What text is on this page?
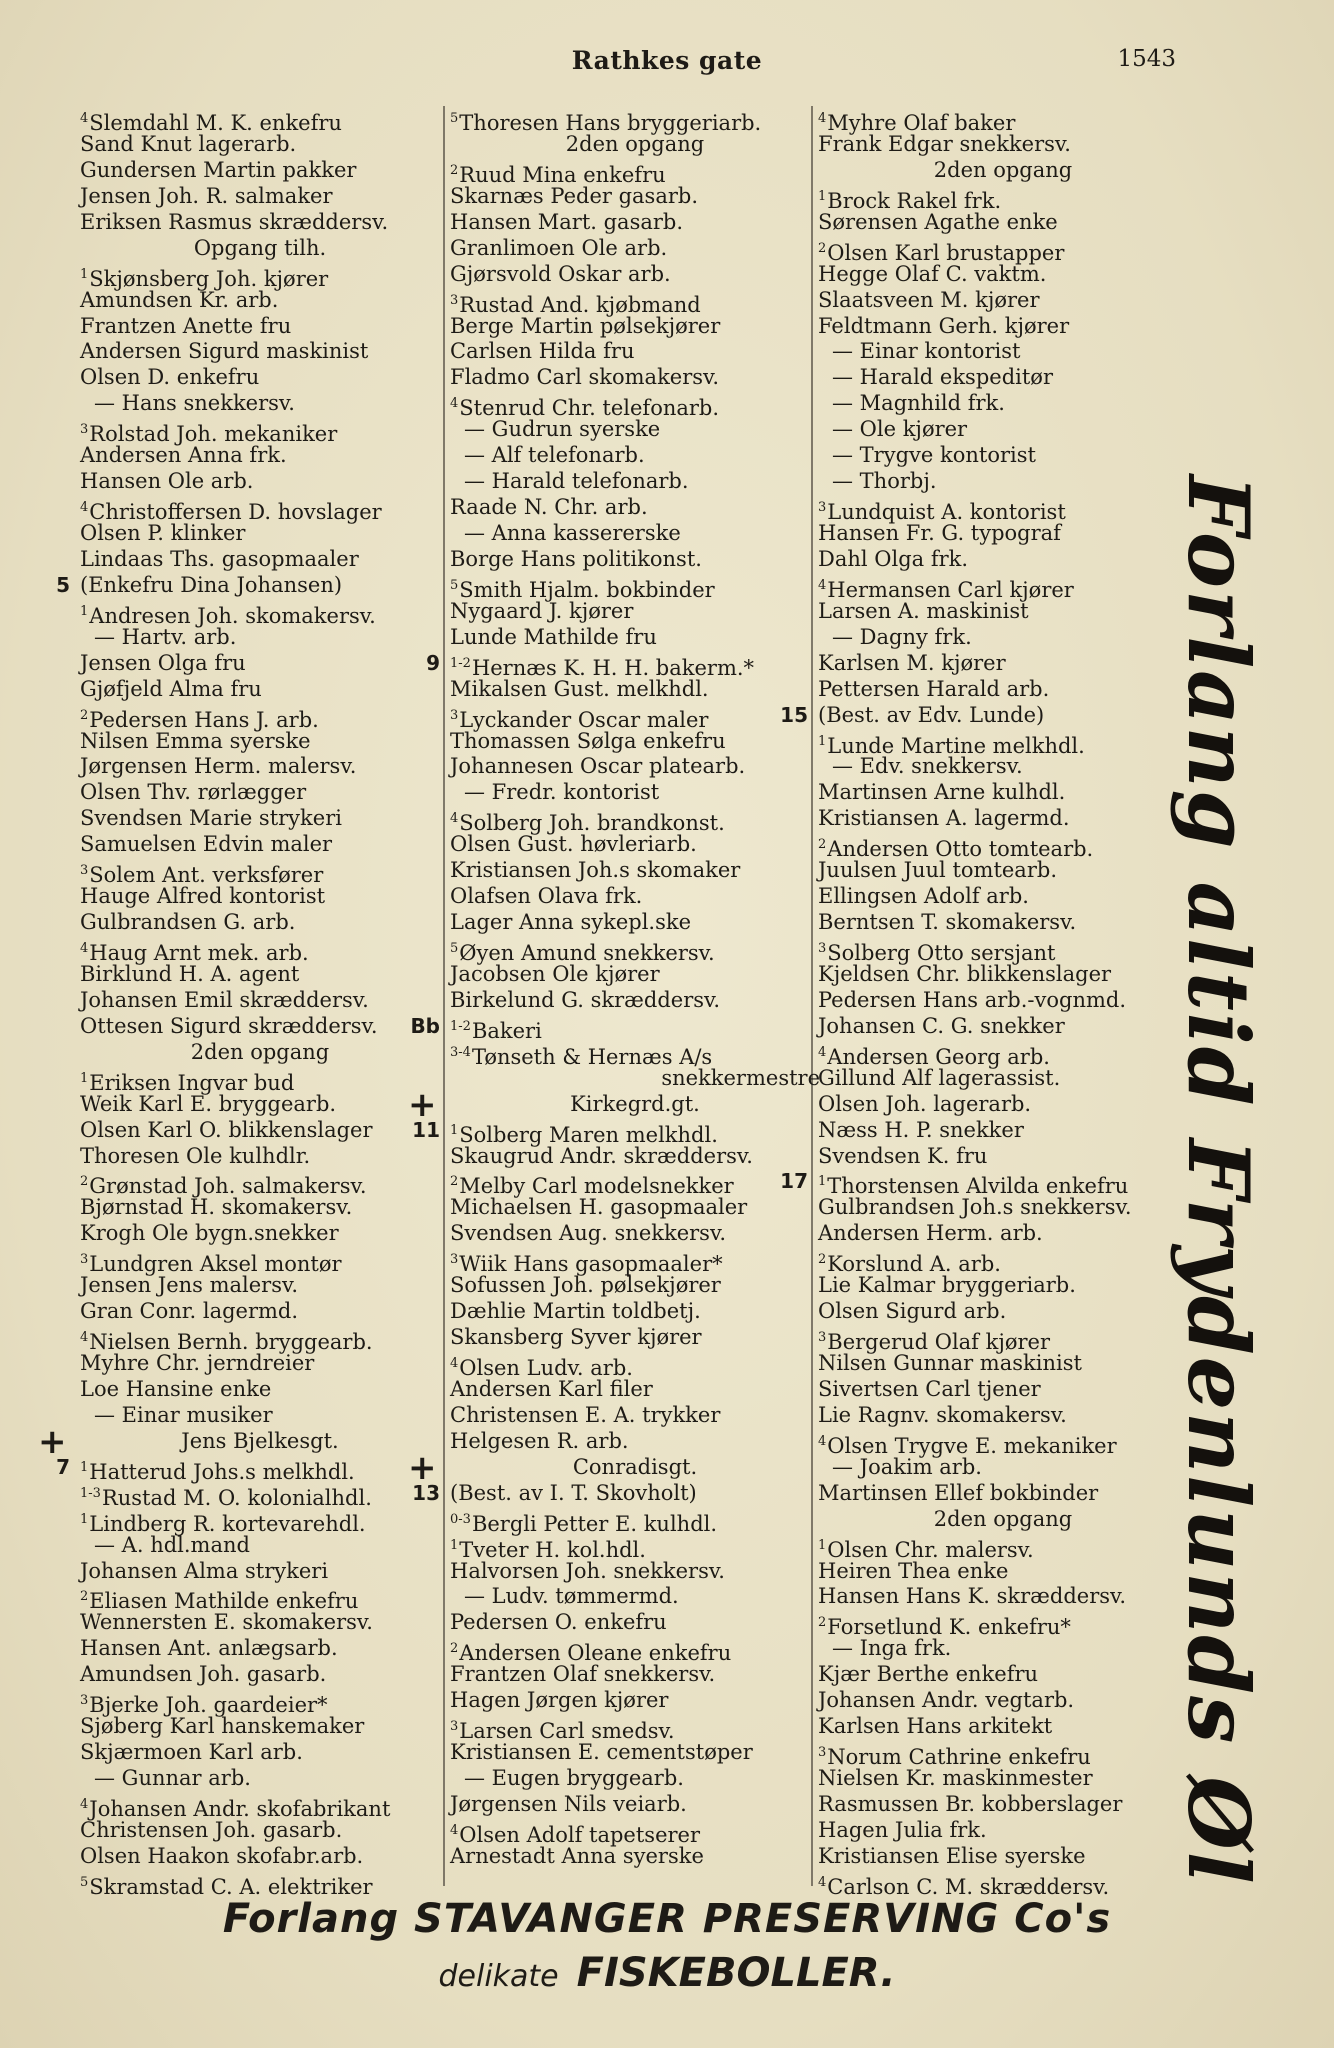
Rathkes gate	1543
$^4$Slemdahl M. K. enkefru
Sand Knut lagerarb.
Gundersen Martin pakker
Jensen Joh. R. salmaker
Eriksen Rasmus skræddersv.
Opgang tilh.
$^1$Skjønsberg Joh. kjører
Amundsen Kr. arb.
Frantzen Anette fru
Andersen Sigurd maskinist
Olsen D. enkefru
— Hans snekkersv.
$^3$Rolstad Joh. mekaniker
Andersen Anna frk.
Hansen Ole arb.
$^4$Christoffersen D. hovslager
Olsen P. klinker
Lindaas Ths. gasopmaaler
5 (Enkefru Dina Johansen)
$^1$Andresen Joh. skomakersv.
— Hartv. arb.
Jensen Olga fru
Gjøfjeld Alma fru
$^2$Pedersen Hans J. arb.
Nilsen Emma syerske
Jørgensen Herm. malersv.
Olsen Thv. rørlægger
Svendsen Marie strykeri
Samuelsen Edvin maler
$^3$Solem Ant. verksfører
Hauge Alfred kontorist
Gulbrandsen G. arb.
$^4$Haug Arnt mek. arb.
Birklund H. A. agent
Johansen Emil skræddersv.
Ottesen Sigurd skræddersv.
2den opgang
$^1$Eriksen Ingvar bud
Weik Karl E. bryggearb.
Olsen Karl O. blikkenslager
Thoresen Ole kulhdlr.
$^2$Grønstad Joh. salmakersv.
Bjørnstad H. skomakersv.
Krogh Ole bygn.snekker
$^3$Lundgren Aksel montør
Jensen Jens malersv.
Gran Conr. lagermd.
$^4$Nielsen Bernh. bryggearb.
Myhre Chr. jerndreier
Loe Hansine enke
— Einar musiker
+	Jens Bjelkesgt.
7 $^1$Hatterud Johs.s melkhdl.
$^{1-3}$Rustad M. O. kolonialhdl.
$^1$Lindberg R. kortevarehdl.
— A. hdl.mand
Johansen Alma strykeri
$^2$Eliasen Mathilde enkefru
Wennersten E. skomakersv.
Hansen Ant. anlægsarb.
Amundsen Joh. gasarb.
$^3$Bjerke Joh. gaardeier*
Sjøberg Karl hanskemaker
Skjærmoen Karl arb.
— Gunnar arb.
$^4$Johansen Andr. skofabrikant
Christensen Joh. gasarb.
Olsen Haakon skofabr.arb.
$^5$Skramstad C. A. elektriker
$^5$Thoresen Hans bryggeriarb.
2den opgang
$^2$Ruud Mina enkefru
Skarnæs Peder gasarb.
Hansen Mart. gasarb.
Granlimoen Ole arb.
Gjørsvold Oskar arb.
$^3$Rustad And. kjøbmand
Berge Martin pølsekjører
Carlsen Hilda fru
Fladmo Carl skomakersv.
$^4$Stenrud Chr. telefonarb.
— Gudrun syerske
— Alf telefonarb.
— Harald telefonarb.
Raade N. Chr. arb.
— Anna kassererske
Borge Hans politikonst.
$^5$Smith Hjalm. bokbinder
Nygaard J. kjører
Lunde Mathilde fru
9 $^{1-2}$Hernæs K. H. H. bakerm.*
Mikalsen Gust. melkhdl.
$^3$Lyckander Oscar maler
Thomassen Sølga enkefru
Johannesen Oscar platearb.
— Fredr. kontorist
$^4$Solberg Joh. brandkonst.
Olsen Gust. høvleriarb.
Kristiansen Joh.s skomaker
Olafsen Olava frk.
Lager Anna sykepl.ske
$^5$Øyen Amund snekkersv.
Jacobsen Ole kjører
Birkelund G. skræddersv.
Bb $^{1-2}$Bakeri
$^{3-4}$Tønseth & Hernæs A/s
snekkermestre
+	Kirkegrd.gt.
11 $^1$Solberg Maren melkhdl.
Skaugrud Andr. skræddersv.
$^2$Melby Carl modelsnekker
Michaelsen H. gasopmaaler
Svendsen Aug. snekkersv.
$^3$Wiik Hans gasopmaaler*
Sofussen Joh. pølsekjører
Dæhlie Martin toldbetj.
Skansberg Syver kjører
$^4$Olsen Ludv. arb.
Andersen Karl filer
Christensen E. A. trykker
Helgesen R. arb.
+	Conradisgt.
13 (Best. av I. T. Skovholt)
$^{0-3}$Bergli Petter E. kulhdl.
$^1$Tveter H. kol.hdl.
Halvorsen Joh. snekkersv.
— Ludv. tømmermd.
Pedersen O. enkefru
$^2$Andersen Oleane enkefru
Frantzen Olaf snekkersv.
Hagen Jørgen kjører
$^3$Larsen Carl smedsv.
Kristiansen E. cementstøper
— Eugen bryggearb.
Jørgensen Nils veiarb.
$^4$Olsen Adolf tapetserer
Arnestadt Anna syerske
$^4$Myhre Olaf baker
Frank Edgar snekkersv.
2den opgang
$^1$Brock Rakel frk.
Sørensen Agathe enke
$^2$Olsen Karl brustapper
Hegge Olaf C. vaktm.
Slaatsveen M. kjører
Feldtmann Gerh. kjører
— Einar kontorist
— Harald ekspeditør
— Magnhild frk.
— Ole kjører
— Trygve kontorist
— Thorbj.
$^3$Lundquist A. kontorist
Hansen Fr. G. typograf
Dahl Olga frk.
$^4$Hermansen Carl kjører
Larsen A. maskinist
— Dagny frk.
Karlsen M. kjører
Pettersen Harald arb.
15 (Best. av Edv. Lunde)
$^1$Lunde Martine melkhdl.
— Edv. snekkersv.
Martinsen Arne kulhdl.
Kristiansen A. lagermd.
$^2$Andersen Otto tomtearb.
Juulsen Juul tomtearb.
Ellingsen Adolf arb.
Berntsen T. skomakersv.
$^3$Solberg Otto sersjant
Kjeldsen Chr. blikkenslager
Pedersen Hans arb.-vognmd.
Johansen C. G. snekker
$^4$Andersen Georg arb.
Gillund Alf lagerassist.
Olsen Joh. lagerarb.
Næss H. P. snekker
Svendsen K. fru
17 $^1$Thorstensen Alvilda enkefru
Gulbrandsen Joh.s snekkersv.
Andersen Herm. arb.
$^2$Korslund A. arb.
Lie Kalmar bryggeriarb.
Olsen Sigurd arb.
$^3$Bergerud Olaf kjører
Nilsen Gunnar maskinist
Sivertsen Carl tjener
Lie Ragnv. skomakersv.
$^4$Olsen Trygve E. mekaniker
— Joakim arb.
Martinsen Ellef bokbinder
2den opgang
$^1$Olsen Chr. malersv.
Heiren Thea enke
Hansen Hans K. skræddersv.
$^2$Forsetlund K. enkefru*
— Inga frk.
Kjær Berthe enkefru
Johansen Andr. vegtarb.
Karlsen Hans arkitekt
$^3$Norum Cathrine enkefru
Nielsen Kr. maskinmester
Rasmussen Br. kobberslager
Hagen Julia frk.
Kristiansen Elise syerske
$^4$Carlson C. M. skræddersv.
Forlang altid Frydenlunds Øl
Forlang STAVANGER PRESERVING Co's
delikate FISKEBOLLER.
